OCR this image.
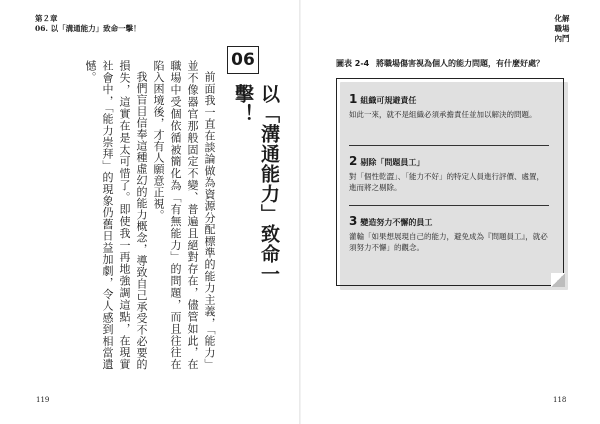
第２章
06. 以「溝通能力」致命一擊！
06
以「溝通能力」致命一擊！

前面我一直在談論做為資源分配標準的能力主義，「能力」並不像器官那般固定不變、普遍且絕對存在，儘管如此，在職場中受個依循被簡化為「有無能力」的問題，而且往往在陷入困境後，才有人願意正視。

我們盲目信奉這種虛幻的能力概念，導致自己承受不必要的損失，這實在是太可惜了。即使我一再地強調這點，在現實社會中，「能力崇拜」的現象仍舊日益加劇，令人感到相當遺憾。

119
化解
職場內鬥
圖表 2-4 將職場傷害視為個人的能力問題，有什麼好處？
1 組織可規避責任
如此一來，就不是組織必須承擔責任並加以解決的問題。
2 剔除「問題員工」
對「個性乾澀」、「能力不好」的特定人員進行評價、處置，進而將之剔除。
3 變造努力不懈的員工
灌輸「如果想展現自己的能力，避免成為『問題員工』，就必須努力不懈」的觀念。
118
